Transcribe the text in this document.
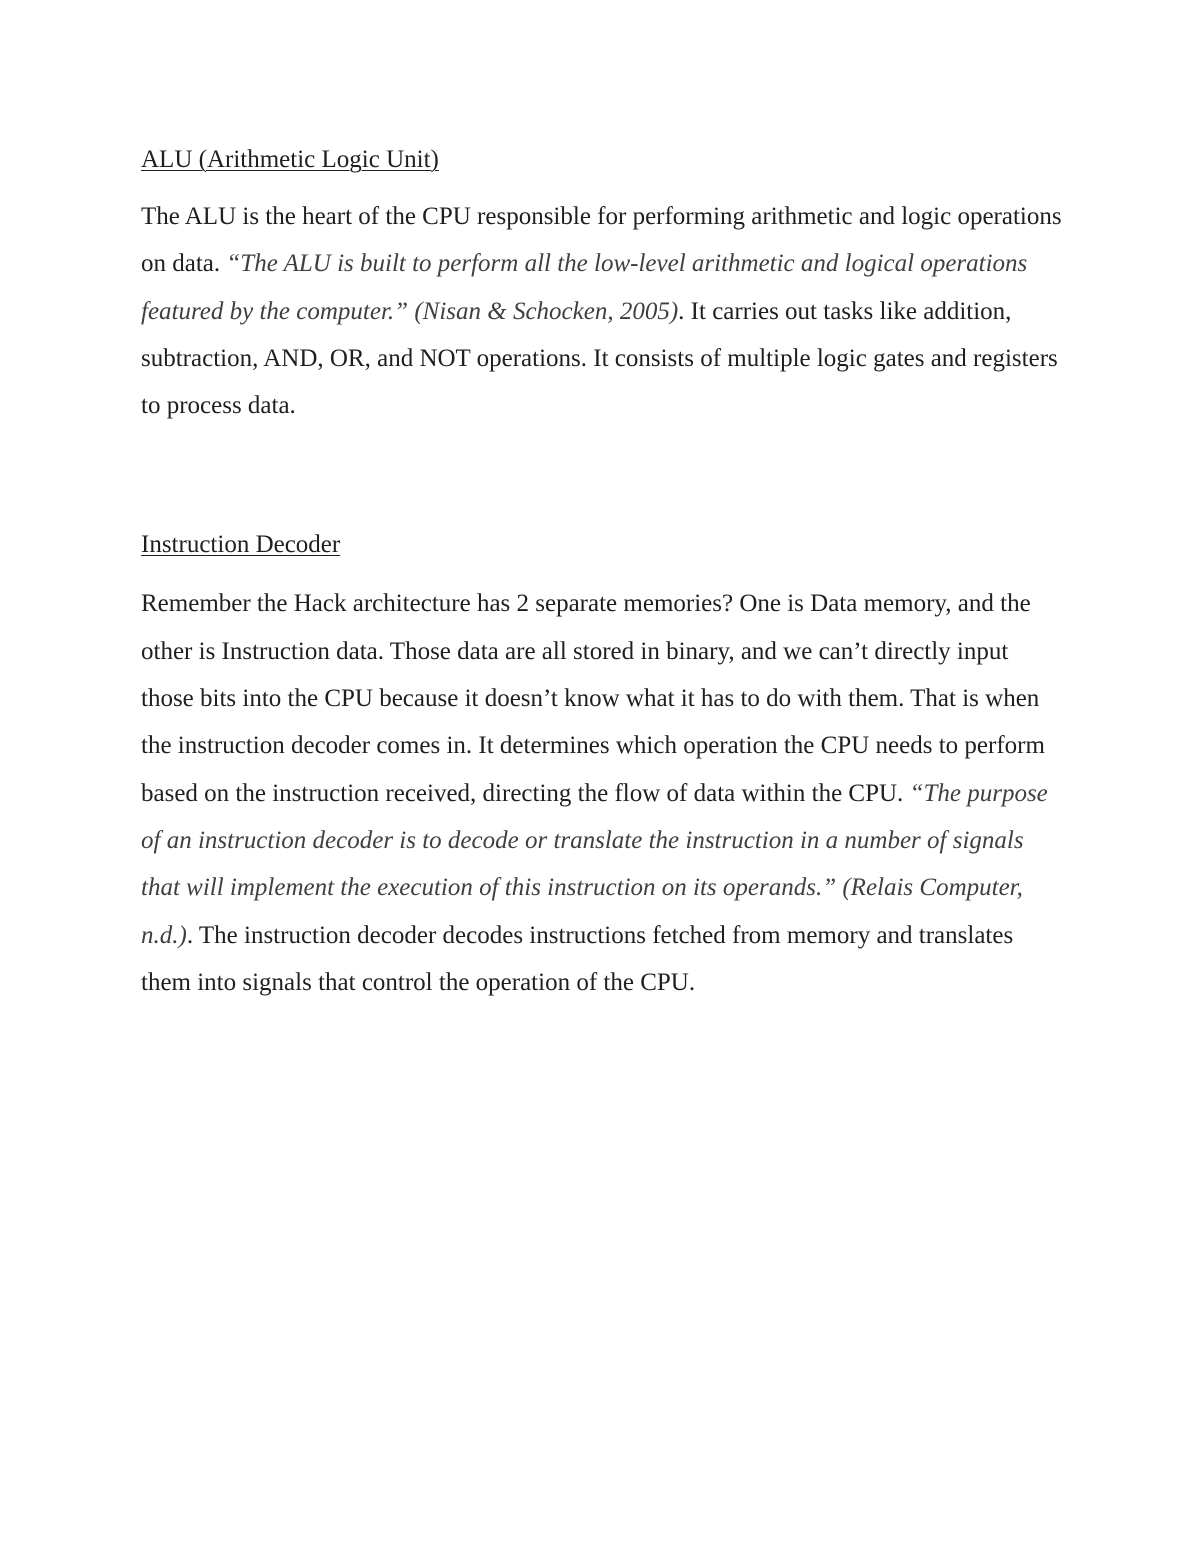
ALU (Arithmetic Logic Unit)

The ALU is the heart of the CPU responsible for performing arithmetic and logic operations on data. “The ALU is built to perform all the low-level arithmetic and logical operations featured by the computer.” (Nisan & Schocken, 2005). It carries out tasks like addition, subtraction, AND, OR, and NOT operations. It consists of multiple logic gates and registers to process data.

Instruction Decoder

Remember the Hack architecture has 2 separate memories? One is Data memory, and the other is Instruction data. Those data are all stored in binary, and we can’t directly input those bits into the CPU because it doesn’t know what it has to do with them. That is when the instruction decoder comes in. It determines which operation the CPU needs to perform based on the instruction received, directing the flow of data within the CPU. “The purpose of an instruction decoder is to decode or translate the instruction in a number of signals that will implement the execution of this instruction on its operands.” (Relais Computer, n.d.). The instruction decoder decodes instructions fetched from memory and translates them into signals that control the operation of the CPU.
